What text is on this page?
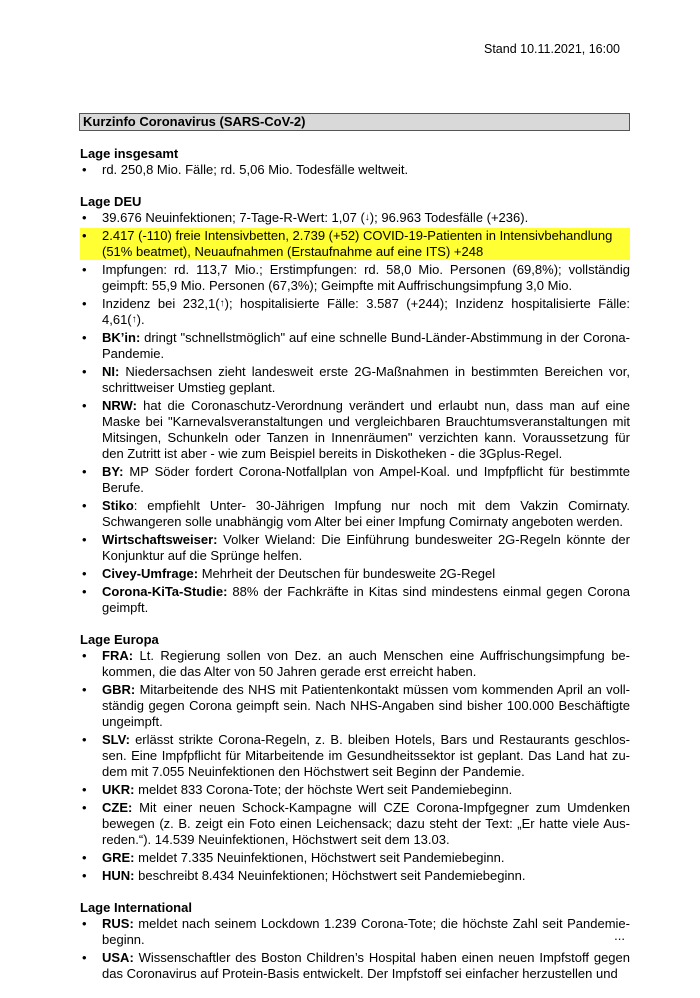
Stand 10.11.2021, 16:00
Kurzinfo Coronavirus (SARS-CoV-2)

Lage insgesamt

• rd. 250,8 Mio. Fälle; rd. 5,06 Mio. Todesfälle weltweit.

Lage DEU

• 39.676 Neuinfektionen; 7-Tage-R-Wert: 1,07 (↓); 96.963 Todesfälle (+236).
• 2.417 (-110) freie Intensivbetten, 2.739 (+52) COVID-19-Patienten in Intensivbehandlung (51% beatmet), Neuaufnahmen (Erstaufnahme auf eine ITS) +248
• Impfungen: rd. 113,7 Mio.; Erstimpfungen: rd. 58,0 Mio. Personen (69,8%); vollständig geimpft: 55,9 Mio. Personen (67,3%); Geimpfte mit Auffrischungsimpfung 3,0 Mio.
• Inzidenz bei 232,1(↑); hospitalisierte Fälle: 3.587 (+244); Inzidenz hospitalisierte Fälle: 4,61(↑).
• BK’in: dringt "schnellstmöglich" auf eine schnelle Bund-Länder-Abstimmung in der Corona-Pandemie.
• NI: Niedersachsen zieht landesweit erste 2G-Maßnahmen in bestimmten Bereichen vor, schrittweiser Umstieg geplant.
• NRW: hat die Coronaschutz-Verordnung verändert und erlaubt nun, dass man auf eine Maske bei "Karnevalsveranstaltungen und vergleichbaren Brauchtumsveranstaltungen mit Mitsingen, Schunkeln oder Tanzen in Innenräumen" verzichten kann. Voraussetzung für den Zutritt ist aber - wie zum Beispiel bereits in Diskotheken - die 3Gplus-Regel.
• BY: MP Söder fordert Corona-Notfallplan von Ampel-Koal. und Impfpflicht für bestimmte Berufe.
• Stiko: empfiehlt Unter- 30-Jährigen Impfung nur noch mit dem Vakzin Comirnaty. Schwangeren solle unabhängig vom Alter bei einer Impfung Comirnaty angeboten werden.
• Wirtschaftsweiser: Volker Wieland: Die Einführung bundesweiter 2G-Regeln könnte der Konjunktur auf die Sprünge helfen.
• Civey-Umfrage: Mehrheit der Deutschen für bundesweite 2G-Regel
• Corona-KiTa-Studie: 88% der Fachkräfte in Kitas sind mindestens einmal gegen Corona geimpft.

Lage Europa

• FRA: Lt. Regierung sollen von Dez. an auch Menschen eine Auffrischungsimpfung be-kommen, die das Alter von 50 Jahren gerade erst erreicht haben.
• GBR: Mitarbeitende des NHS mit Patientenkontakt müssen vom kommenden April an voll-ständig gegen Corona geimpft sein. Nach NHS-Angaben sind bisher 100.000 Beschäftigte ungeimpft.
• SLV: erlässt strikte Corona-Regeln, z. B. bleiben Hotels, Bars und Restaurants geschlos-sen. Eine Impfpflicht für Mitarbeitende im Gesundheitssektor ist geplant. Das Land hat zu-dem mit 7.055 Neuinfektionen den Höchstwert seit Beginn der Pandemie.
• UKR: meldet 833 Corona-Tote; der höchste Wert seit Pandemiebeginn.
• CZE: Mit einer neuen Schock-Kampagne will CZE Corona-Impfgegner zum Umdenken bewegen (z. B. zeigt ein Foto einen Leichensack; dazu steht der Text: „Er hatte viele Aus-reden.“). 14.539 Neuinfektionen, Höchstwert seit dem 13.03.
• GRE: meldet 7.335 Neuinfektionen, Höchstwert seit Pandemiebeginn.
• HUN: beschreibt 8.434 Neuinfektionen; Höchstwert seit Pandemiebeginn.

Lage International

• RUS: meldet nach seinem Lockdown 1.239 Corona-Tote; die höchste Zahl seit Pandemie-beginn.
• USA: Wissenschaftler des Boston Children’s Hospital haben einen neuen Impfstoff gegen das Coronavirus auf Protein-Basis entwickelt. Der Impfstoff sei einfacher herzustellen und
...
